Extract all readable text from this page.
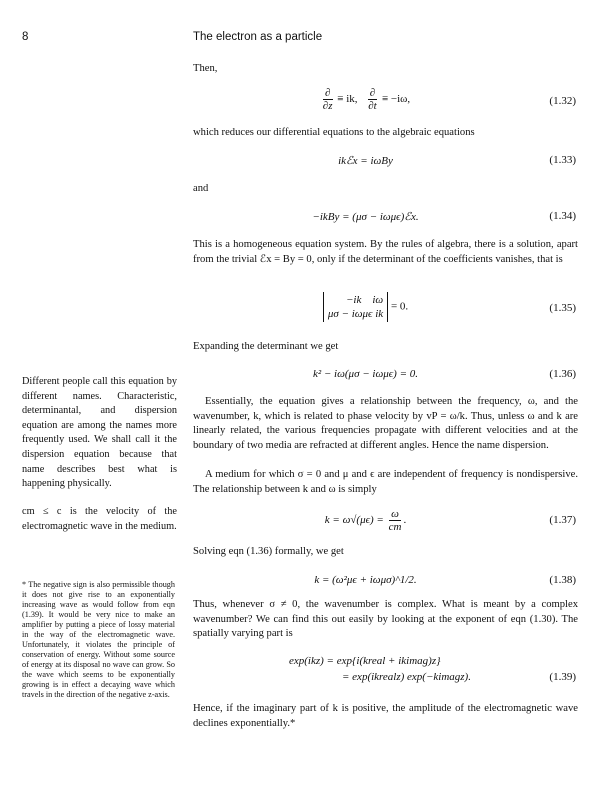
8	The electron as a particle

Then,

$\frac{\partial}{\partial z}$ ≡ ik, $\frac{\partial}{\partial t} \equiv -i\omega$,	(1.32)

which reduces our differential equations to the algebraic equations

ikℰx = iωBy	(1.33)

and

−ikBy = (μσ − iωμϵ)ℰx.	(1.34)

This is a homogeneous equation system. By the rules of algebra, there is a solution, apart from the trivial ℰx = By = 0, only if the determinant of the coefficients vanishes, that is

−ik iω
μσ − iωμϵ ik
= 0.	(1.35)

Expanding the determinant we get

k² − iω(μσ − iωμϵ) = 0.	(1.36)

Essentially, the equation gives a relationship between the frequency, ω, and the wavenumber, k, which is related to phase velocity by vP = ω/k. Thus, unless ω and k are linearly related, the various frequencies propagate with different velocities and at the boundary of two media are refracted at different angles. Hence the name dispersion.

A medium for which σ = 0 and μ and ϵ are independent of frequency is nondispersive. The relationship between k and ω is simply

$k = \omega√(\mu\epsilon) = \frac{\omega}{cm}$ .	(1.37)

Solving eqn (1.36) formally, we get

k = (ω²μϵ + iωμσ)^1/2.	(1.38)

Thus, whenever σ ≠ 0, the wavenumber is complex. What is meant by a complex wavenumber? We can find this out easily by looking at the exponent of eqn (1.30). The spatially varying part is

exp(ikz) = exp{i(kreal + ikimag)z}
= exp(ikrealz) exp(−kimagz).	(1.39)

Hence, if the imaginary part of k is positive, the amplitude of the electromagnetic wave declines exponentially.*

Different people call this equation by different names. Characteristic, determinantal, and dispersion equation are among the names more frequently used. We shall call it the dispersion equation because that name describes best what is happening physically.
cm ≤ c is the velocity of the electromagnetic wave in the medium.
* The negative sign is also permissible though it does not give rise to an exponentially increasing wave as would follow from eqn (1.39). It would be very nice to make an amplifier by putting a piece of lossy material in the way of the electromagnetic wave. Unfortunately, it violates the principle of conservation of energy. Without some source of energy at its disposal no wave can grow. So the wave which seems to be exponentially growing is in effect a decaying wave which travels in the direction of the negative z-axis.
